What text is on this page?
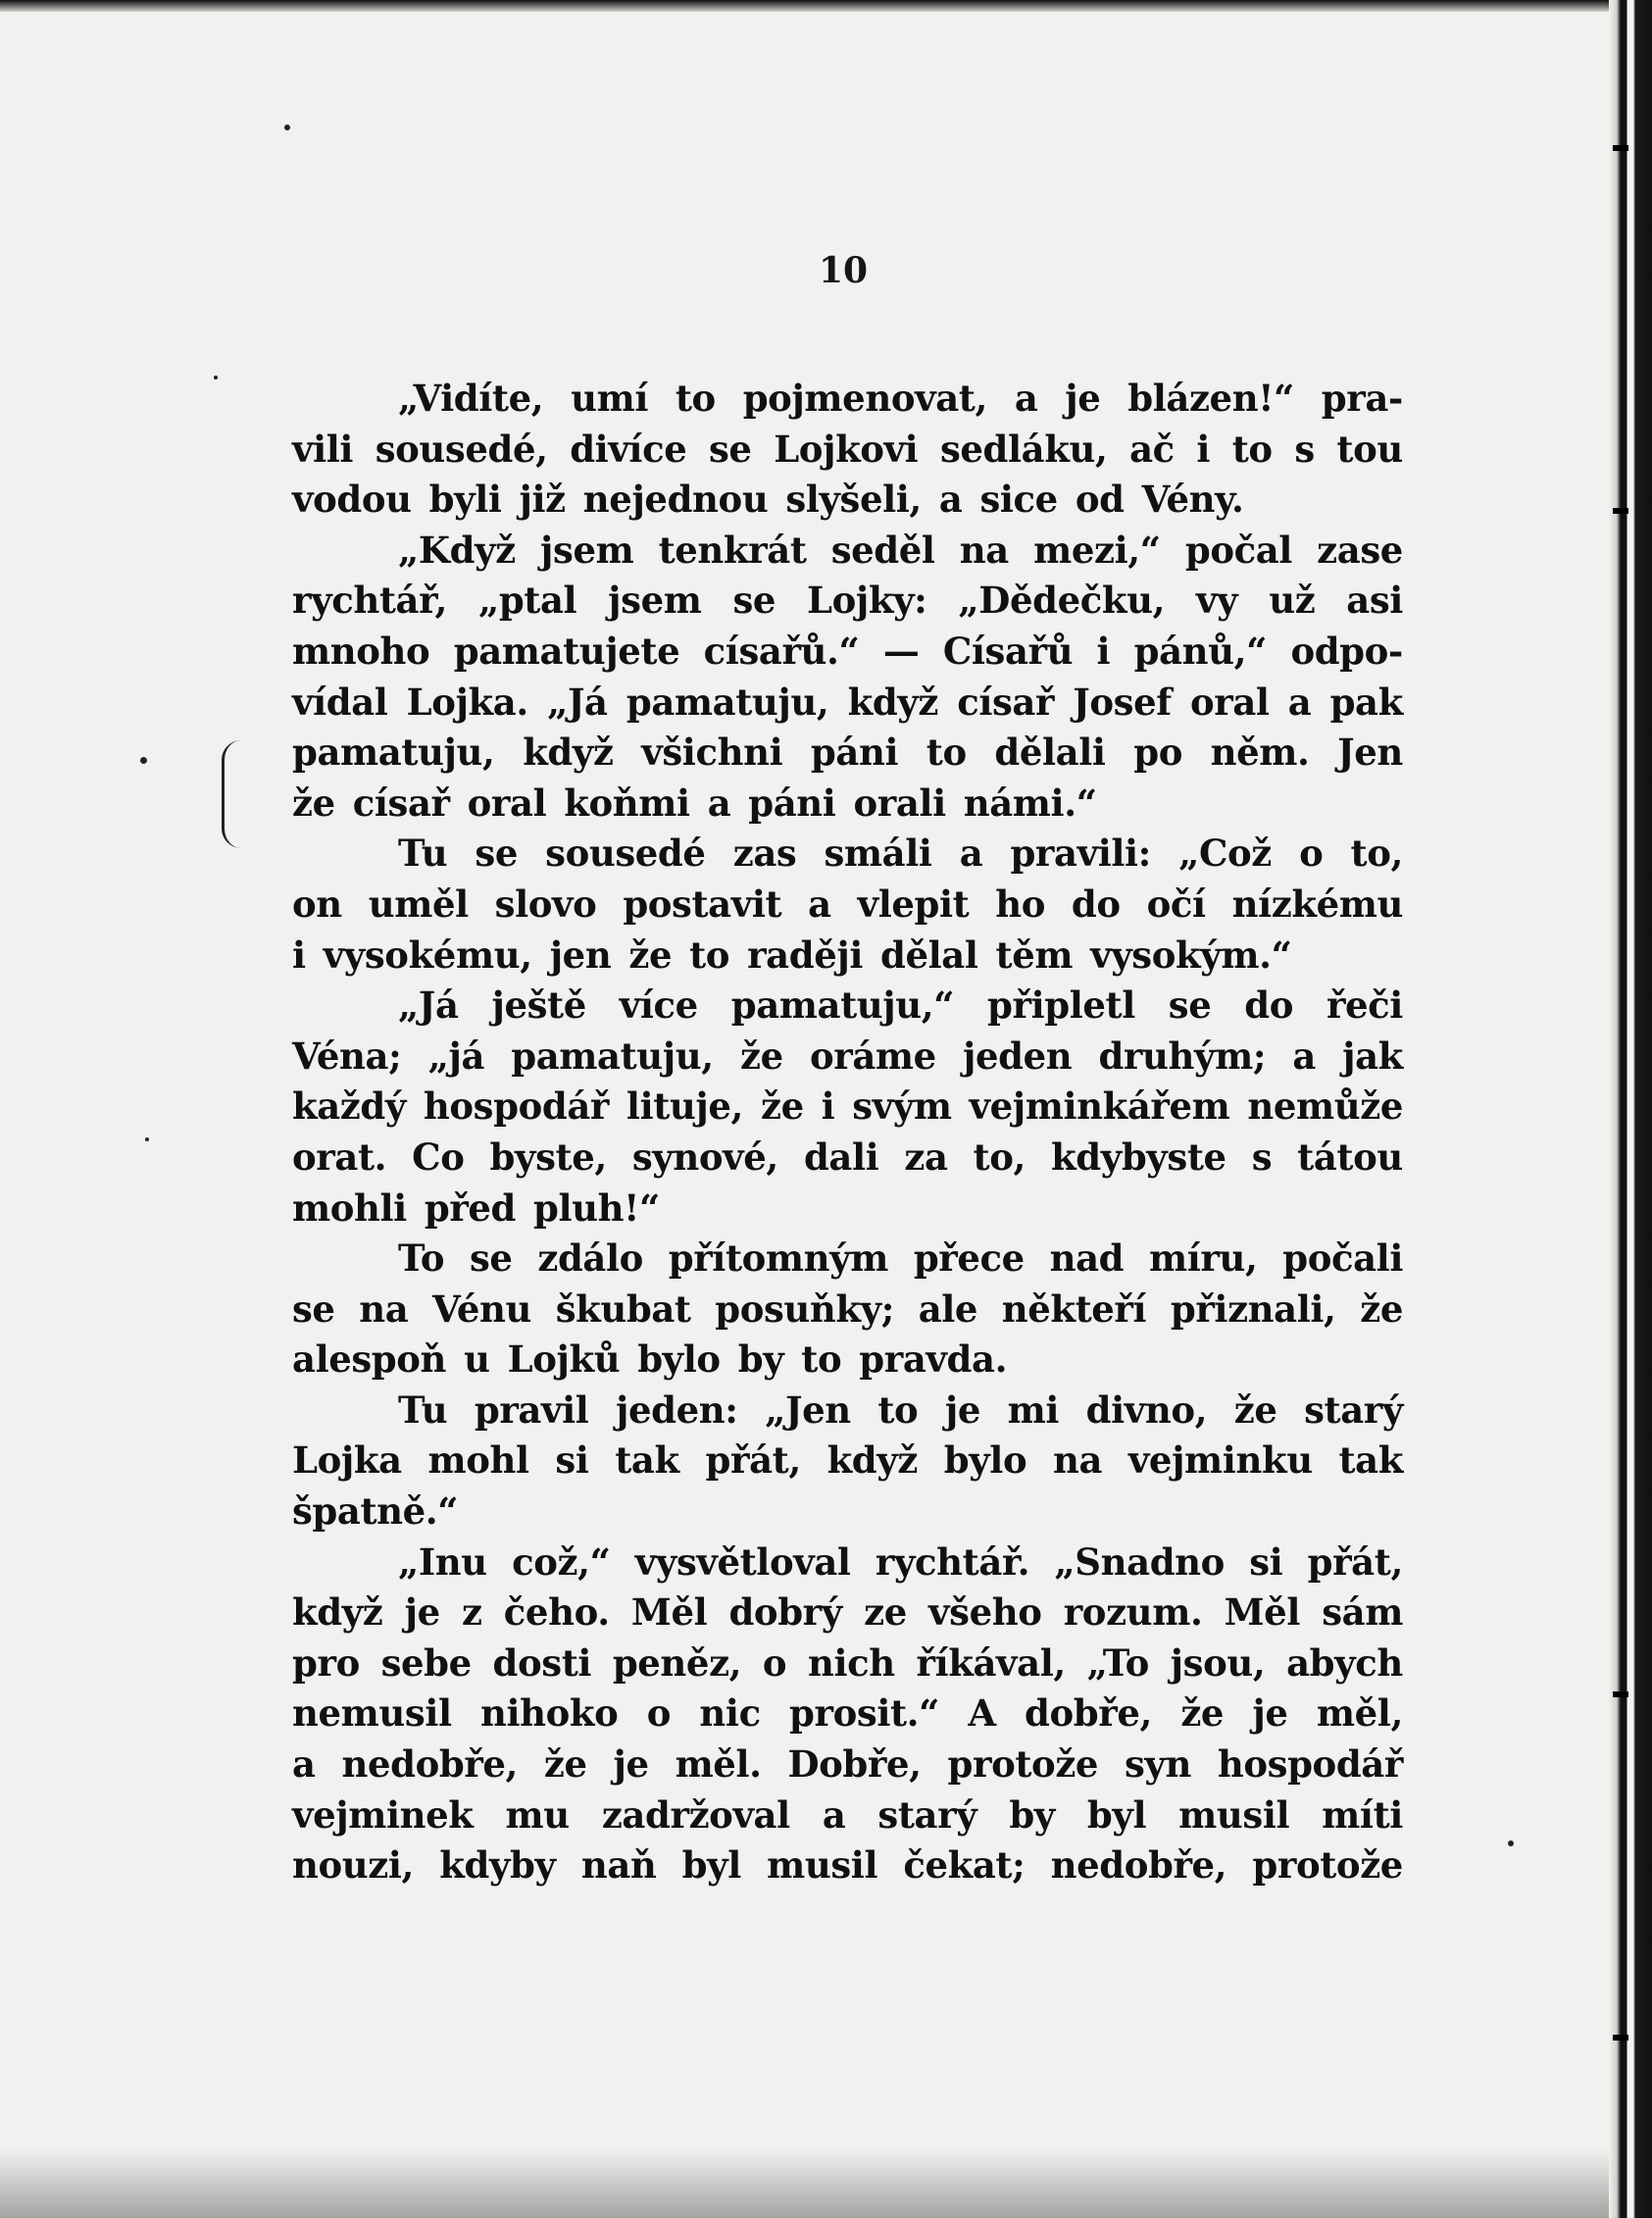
10
„Vidíte, umí to pojmenovat, a je blázen!“ pra-
vili sousedé, divíce se Lojkovi sedláku, ač i to s tou
vodou byli již nejednou slyšeli, a sice od Vény.
„Když jsem tenkrát seděl na mezi,“ počal zase
rychtář, „ptal jsem se Lojky: „Dědečku, vy už asi
mnoho pamatujete císařů.“ — Císařů i pánů,“ odpo-
vídal Lojka. „Já pamatuju, když císař Josef oral a pak
pamatuju, když všichni páni to dělali po něm. Jen
že císař oral koňmi a páni orali námi.“
Tu se sousedé zas smáli a pravili: „Což o to,
on uměl slovo postavit a vlepit ho do očí nízkému
i vysokému, jen že to raději dělal těm vysokým.“
„Já ještě více pamatuju,“ připletl se do řeči
Véna; „já pamatuju, že oráme jeden druhým; a jak
každý hospodář lituje, že i svým vejminkářem nemůže
orat. Co byste, synové, dali za to, kdybyste s tátou
mohli před pluh!“
To se zdálo přítomným přece nad míru, počali
se na Vénu škubat posuňky; ale někteří přiznali, že
alespoň u Lojků bylo by to pravda.
Tu pravil jeden: „Jen to je mi divno, že starý
Lojka mohl si tak přát, když bylo na vejminku tak
špatně.“
„Inu což,“ vysvětloval rychtář. „Snadno si přát,
když je z čeho. Měl dobrý ze všeho rozum. Měl sám
pro sebe dosti peněz, o nich říkával, „To jsou, abych
nemusil nihoko o nic prosit.“ A dobře, že je měl,
a nedobře, že je měl. Dobře, protože syn hospodář
vejminek mu zadržoval a starý by byl musil míti
nouzi, kdyby naň byl musil čekat; nedobře, protože
